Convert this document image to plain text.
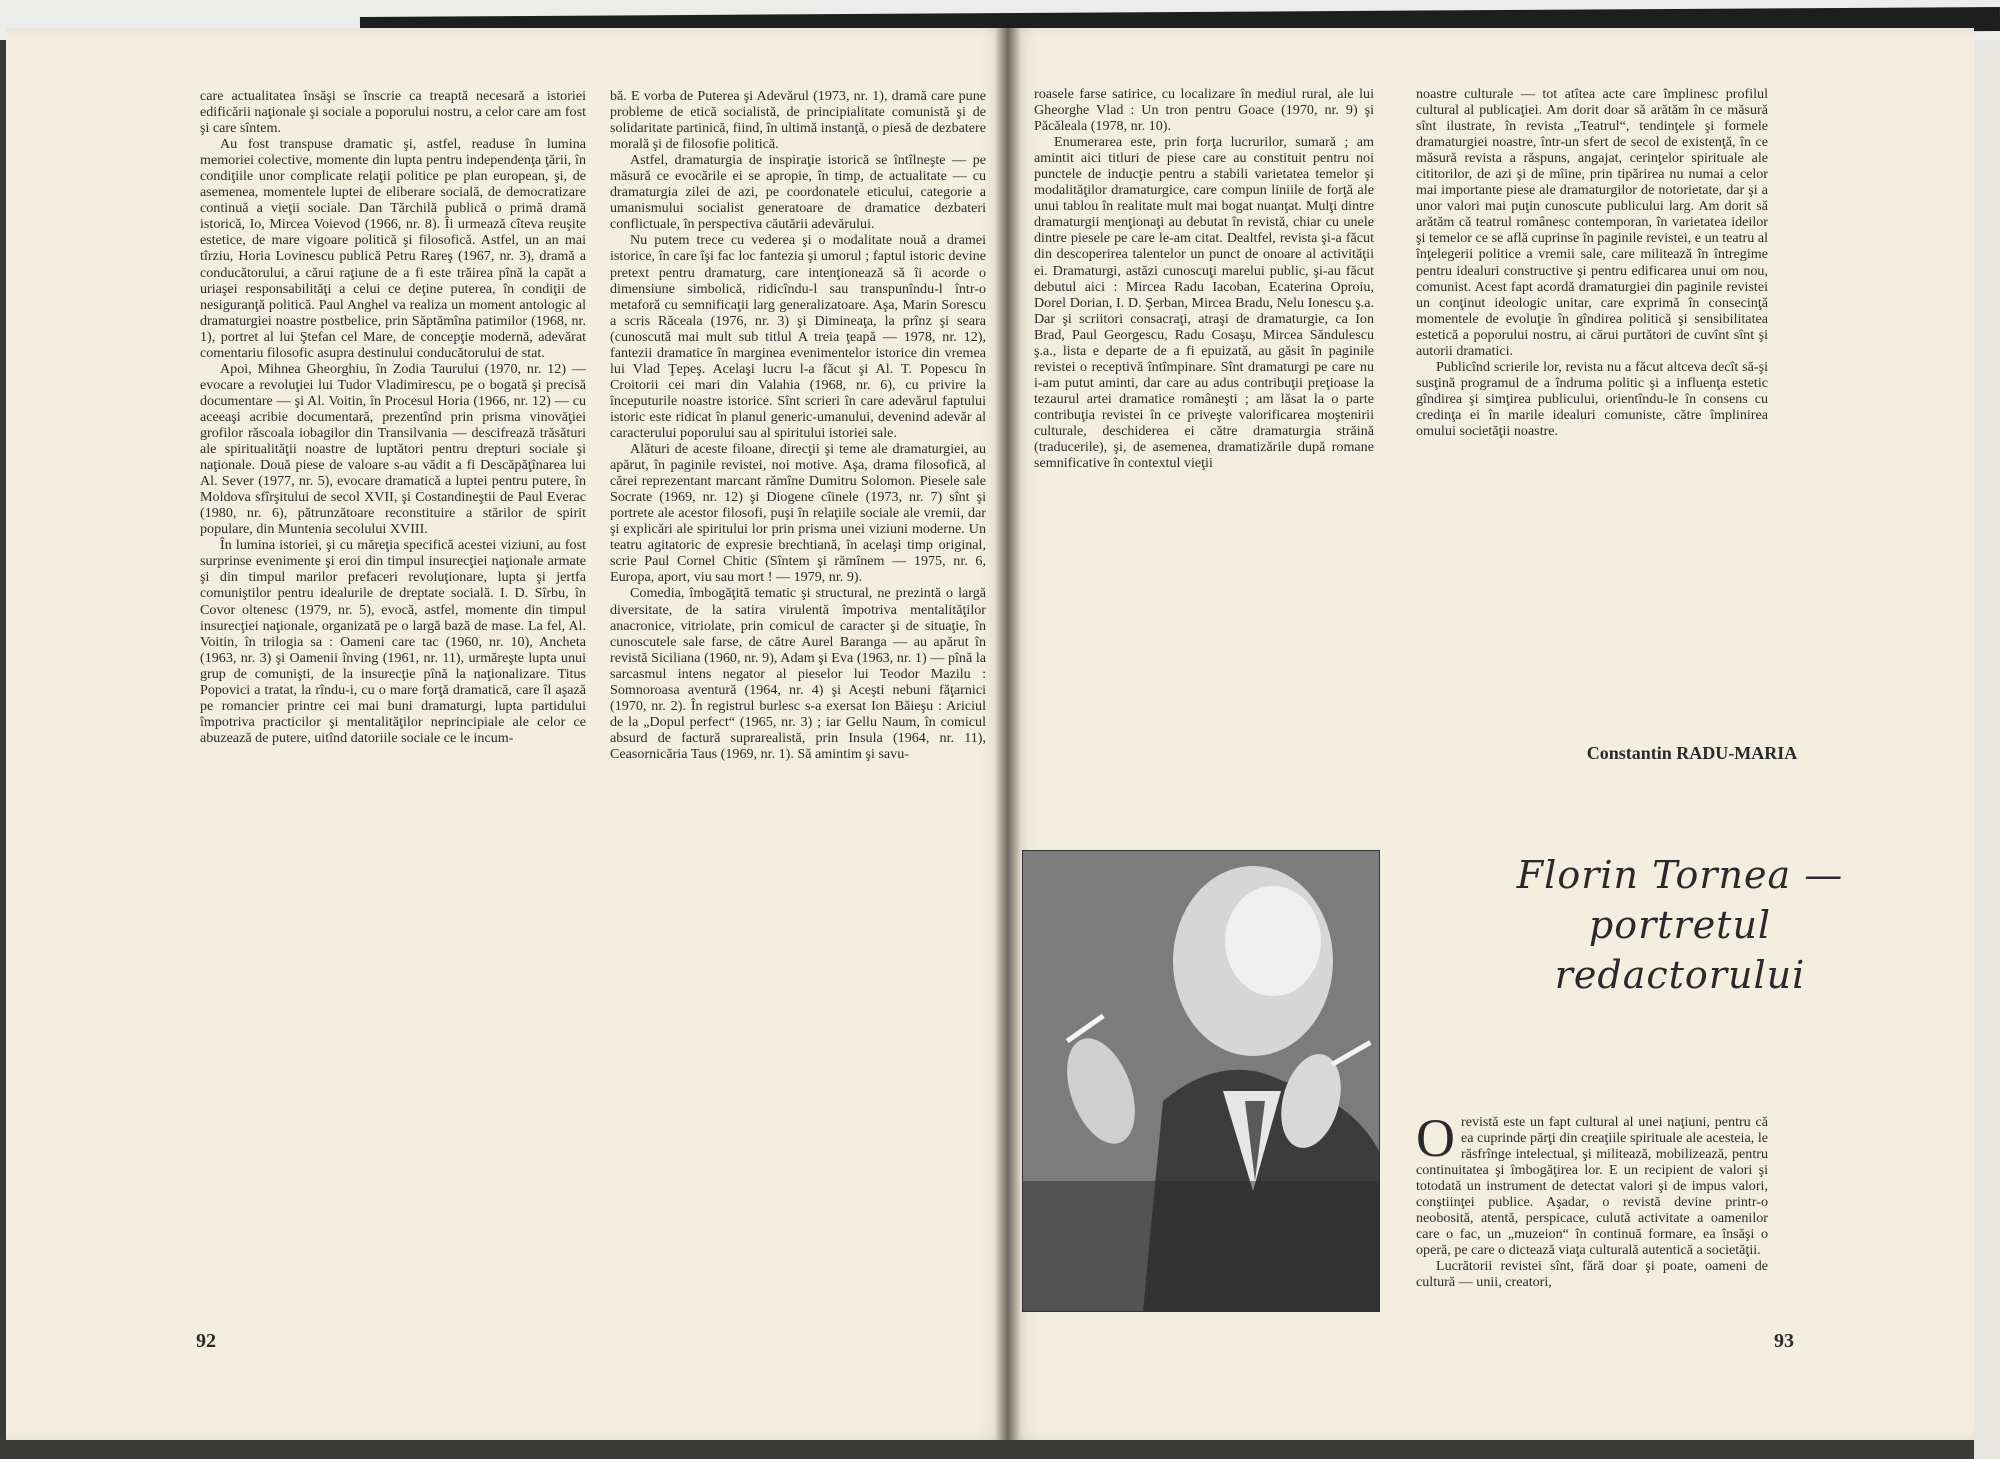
care actualitatea însăşi se înscrie ca treaptă necesară a istoriei edificării naţionale şi sociale a poporului nostru, a celor care am fost şi care sîntem.

Au fost transpuse dramatic şi, astfel, readuse în lumina memoriei colective, momente din lupta pentru independenţa ţării, în condiţiile unor complicate relaţii politice pe plan european, şi, de asemenea, momentele luptei de eliberare socială, de democratizare continuă a vieţii sociale. Dan Tărchilă publică o primă dramă istorică, Io, Mircea Voievod (1966, nr. 8). Îi urmează cîteva reuşite estetice, de mare vigoare politică şi filosofică. Astfel, un an mai tîrziu, Horia Lovinescu publică Petru Rareş (1967, nr. 3), dramă a conducătorului, a cărui raţiune de a fi este trăirea pînă la capăt a uriaşei responsabilităţi a celui ce deţine puterea, în condiţii de nesiguranţă politică. Paul Anghel va realiza un moment antologic al dramaturgiei noastre postbelice, prin Săptămîna patimilor (1968, nr. 1), portret al lui Ştefan cel Mare, de concepţie modernă, adevărat comentariu filosofic asupra destinului conducătorului de stat.

Apoi, Mihnea Gheorghiu, în Zodia Taurului (1970, nr. 12) — evocare a revoluţiei lui Tudor Vladimirescu, pe o bogată şi precisă documentare — şi Al. Voitin, în Procesul Horia (1966, nr. 12) — cu aceeaşi acribie documentară, prezentînd prin prisma vinovăţiei grofilor răscoala iobagilor din Transilvania — descifrează trăsături ale spiritualităţii noastre de luptători pentru drepturi sociale şi naţionale. Două piese de valoare s-au vădit a fi Descăpăţînarea lui Al. Sever (1977, nr. 5), evocare dramatică a luptei pentru putere, în Moldova sfîrşitului de secol XVII, şi Costandineştii de Paul Everac (1980, nr. 6), pătrunzătoare reconstituire a stărilor de spirit populare, din Muntenia secolului XVIII.

În lumina istoriei, şi cu măreţia specifică acestei viziuni, au fost surprinse evenimente şi eroi din timpul insurecţiei naţionale armate şi din timpul marilor prefaceri revoluţionare, lupta şi jertfa comuniştilor pentru idealurile de dreptate socială. I. D. Sîrbu, în Covor oltenesc (1979, nr. 5), evocă, astfel, momente din timpul insurecţiei naţionale, organizată pe o largă bază de mase. La fel, Al. Voitin, în trilogia sa : Oameni care tac (1960, nr. 10), Ancheta (1963, nr. 3) şi Oamenii înving (1961, nr. 11), urmăreşte lupta unui grup de comunişti, de la insurecţie pînă la naţionalizare. Titus Popovici a tratat, la rîndu-i, cu o mare forţă dramatică, care îl aşază pe romancier printre cei mai buni dramaturgi, lupta partidului împotriva practicilor şi mentalităţilor neprincipiale ale celor ce abuzează de putere, uitînd datoriile sociale ce le incum-

bă. E vorba de Puterea şi Adevărul (1973, nr. 1), dramă care pune probleme de etică socialistă, de principialitate comunistă şi de solidaritate partinică, fiind, în ultimă instanţă, o piesă de dezbatere morală şi de filosofie politică.

Astfel, dramaturgia de inspiraţie istorică se întîlneşte — pe măsură ce evocările ei se apropie, în timp, de actualitate — cu dramaturgia zilei de azi, pe coordonatele eticului, categorie a umanismului socialist generatoare de dramatice dezbateri conflictuale, în perspectiva căutării adevărului.

Nu putem trece cu vederea şi o modalitate nouă a dramei istorice, în care îşi fac loc fantezia şi umorul ; faptul istoric devine pretext pentru dramaturg, care intenţionează să îi acorde o dimensiune simbolică, ridicîndu-l sau transpunîndu-l într-o metaforă cu semnificaţii larg generalizatoare. Aşa, Marin Sorescu a scris Răceala (1976, nr. 3) şi Dimineaţa, la prînz şi seara (cunoscută mai mult sub titlul A treia ţeapă — 1978, nr. 12), fantezii dramatice în marginea evenimentelor istorice din vremea lui Vlad Ţepeş. Acelaşi lucru l-a făcut şi Al. T. Popescu în Croitorii cei mari din Valahia (1968, nr. 6), cu privire la începuturile noastre istorice. Sînt scrieri în care adevărul faptului istoric este ridicat în planul generic-umanului, devenind adevăr al caracterului poporului sau al spiritului istoriei sale.

Alături de aceste filoane, direcţii şi teme ale dramaturgiei, au apărut, în paginile revistei, noi motive. Aşa, drama filosofică, al cărei reprezentant marcant rămîne Dumitru Solomon. Piesele sale Socrate (1969, nr. 12) şi Diogene cîinele (1973, nr. 7) sînt şi portrete ale acestor filosofi, puşi în relaţiile sociale ale vremii, dar şi explicări ale spiritului lor prin prisma unei viziuni moderne. Un teatru agitatoric de expresie brechtiană, în acelaşi timp original, scrie Paul Cornel Chitic (Sîntem şi rămînem — 1975, nr. 6, Europa, aport, viu sau mort ! — 1979, nr. 9).

Comedia, îmbogăţită tematic şi structural, ne prezintă o largă diversitate, de la satira virulentă împotriva mentalităţilor anacronice, vitriolate, prin comicul de caracter şi de situaţie, în cunoscutele sale farse, de către Aurel Baranga — au apărut în revistă Siciliana (1960, nr. 9), Adam şi Eva (1963, nr. 1) — pînă la sarcasmul intens negator al pieselor lui Teodor Mazilu : Somnoroasa aventură (1964, nr. 4) şi Aceşti nebuni făţarnici (1970, nr. 2). În registrul burlesc s-a exersat Ion Băieşu : Ariciul de la „Dopul perfect“ (1965, nr. 3) ; iar Gellu Naum, în comicul absurd de factură suprarealistă, prin Insula (1964, nr. 11), Ceasornicăria Taus (1969, nr. 1). Să amintim şi savu-

92

roasele farse satirice, cu localizare în mediul rural, ale lui Gheorghe Vlad : Un tron pentru Goace (1970, nr. 9) şi Păcăleala (1978, nr. 10).

Enumerarea este, prin forţa lucrurilor, sumară ; am amintit aici titluri de piese care au constituit pentru noi punctele de inducţie pentru a stabili varietatea temelor şi modalităţilor dramaturgice, care compun liniile de forţă ale unui tablou în realitate mult mai bogat nuanţat. Mulţi dintre dramaturgii menţionaţi au debutat în revistă, chiar cu unele dintre piesele pe care le-am citat. Dealtfel, revista şi-a făcut din descoperirea talentelor un punct de onoare al activităţii ei. Dramaturgi, astăzi cunoscuţi marelui public, şi-au făcut debutul aici : Mircea Radu Iacoban, Ecaterina Oproiu, Dorel Dorian, I. D. Şerban, Mircea Bradu, Nelu Ionescu ş.a. Dar şi scriitori consacraţi, atraşi de dramaturgie, ca Ion Brad, Paul Georgescu, Radu Cosaşu, Mircea Săndulescu ş.a., lista e departe de a fi epuizată, au găsit în paginile revistei o receptivă întîmpinare. Sînt dramaturgi pe care nu i-am putut aminti, dar care au adus contribuţii preţioase la tezaurul artei dramatice româneşti ; am lăsat la o parte contribuţia revistei în ce priveşte valorificarea moştenirii culturale, deschiderea ei către dramaturgia străină (traducerile), şi, de asemenea, dramatizările după romane semnificative în contextul vieţii

noastre culturale — tot atîtea acte care împlinesc profilul cultural al publicaţiei. Am dorit doar să arătăm în ce măsură sînt ilustrate, în revista „Teatrul“, tendinţele şi formele dramaturgiei noastre, într-un sfert de secol de existenţă, în ce măsură revista a răspuns, angajat, cerinţelor spirituale ale cititorilor, de azi şi de mîine, prin tipărirea nu numai a celor mai importante piese ale dramaturgilor de notorietate, dar şi a unor valori mai puţin cunoscute publicului larg. Am dorit să arătăm că teatrul românesc contemporan, în varietatea ideilor şi temelor ce se află cuprinse în paginile revistei, e un teatru al înţelegerii politice a vremii sale, care militează în întregime pentru idealuri constructive şi pentru edificarea unui om nou, comunist. Acest fapt acordă dramaturgiei din paginile revistei un conţinut ideologic unitar, care exprimă în consecinţă momentele de evoluţie în gîndirea politică şi sensibilitatea estetică a poporului nostru, ai cărui purtători de cuvînt sînt şi autorii dramatici.

Publicînd scrierile lor, revista nu a făcut altceva decît să-şi susţină programul de a îndruma politic şi a influenţa estetic gîndirea şi simţirea publicului, orientîndu-le în consens cu credinţa ei în marile idealuri comuniste, către împlinirea omului societăţii noastre.

Orevistă este un fapt cultural al unei naţiuni, pentru că ea cuprinde părţi din creaţiile spirituale ale acesteia, le răsfrînge intelectual, şi militează, mobilizează, pentru continuitatea şi îmbogăţirea lor. E un recipient de valori şi totodată un instrument de detectat valori şi de impus valori, conştiinţei publice. Aşadar, o revistă devine printr-o neobosită, atentă, perspicace, culută activitate a oamenilor care o fac, un „muzeion“ în continuă formare, ea însăşi o operă, pe care o dictează viaţa culturală autentică a societăţii.

Lucrătorii revistei sînt, fără doar şi poate, oameni de cultură — unii, creatori,

93
Constantin RADU-MARIA
Florin Tornea —
portretul
redactorului
